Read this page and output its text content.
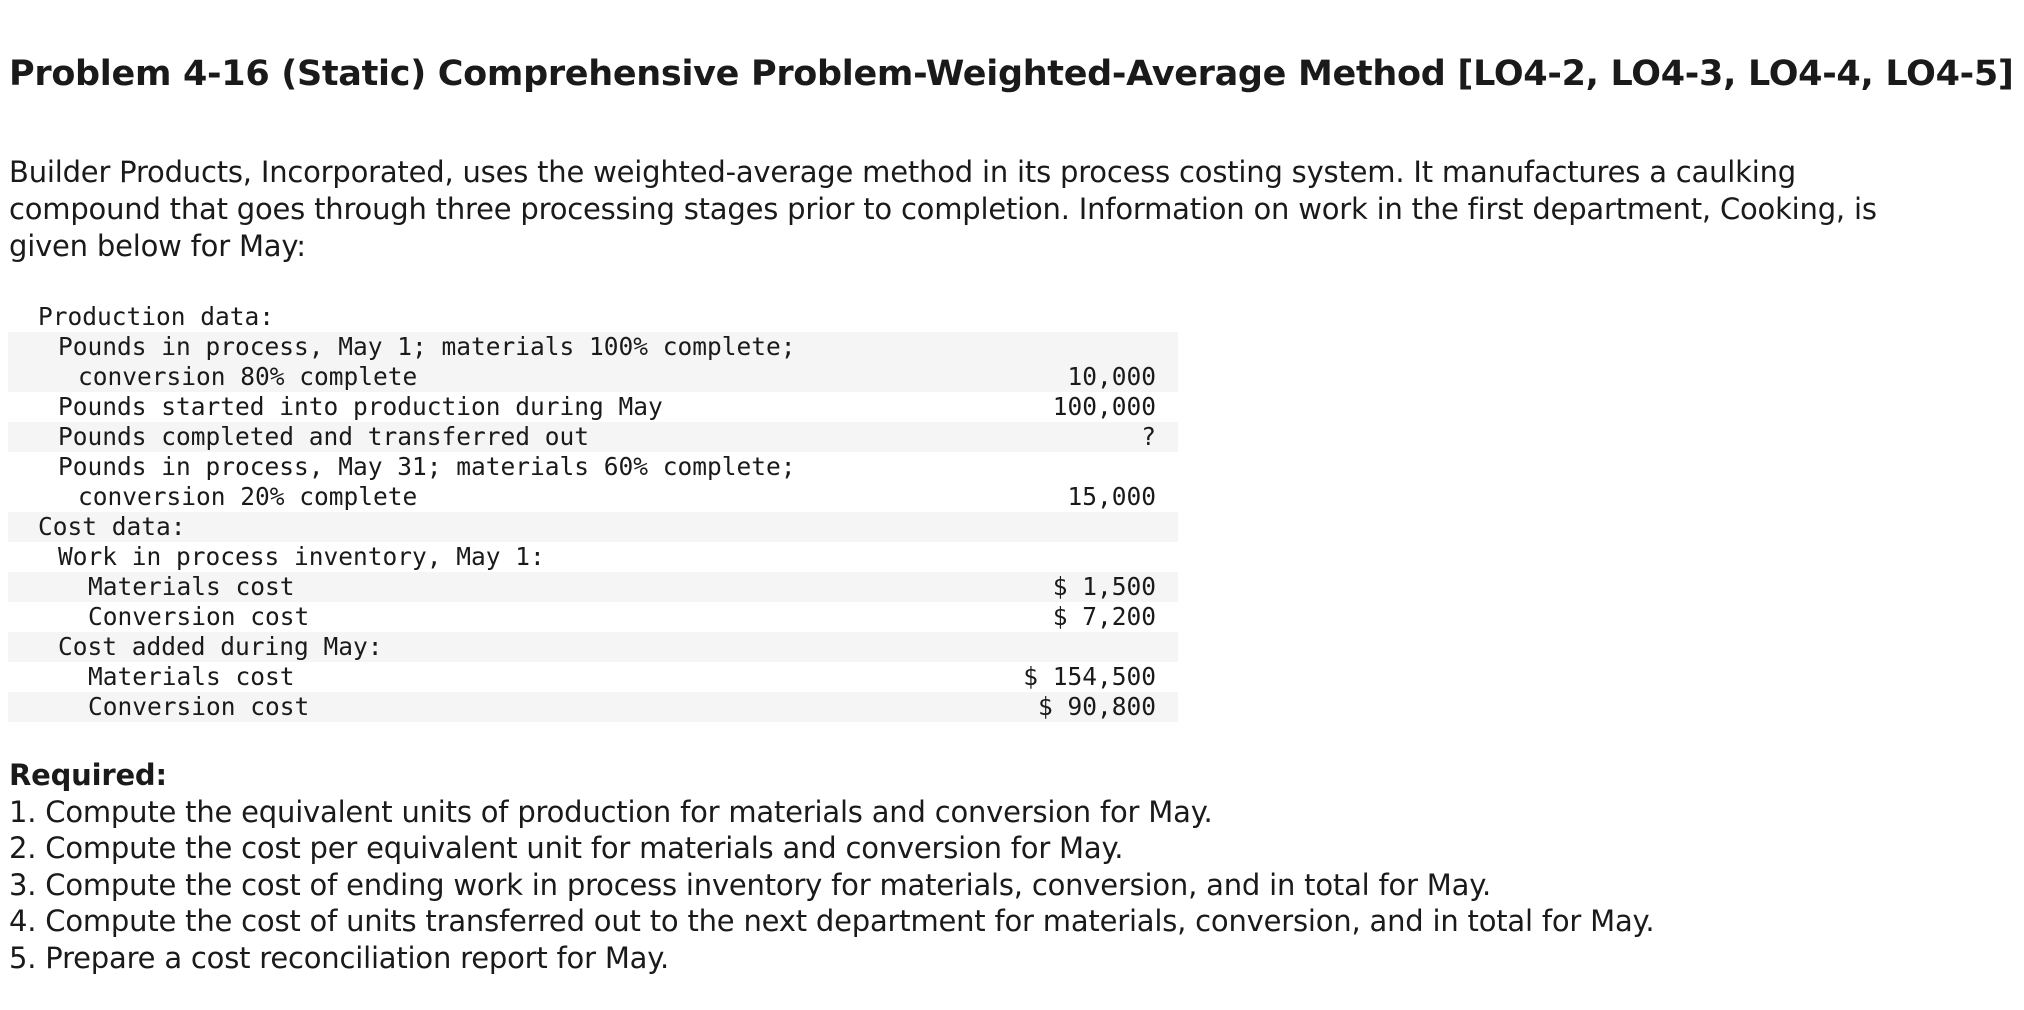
Problem 4-16 (Static) Comprehensive Problem-Weighted-Average Method [LO4-2, LO4-3, LO4-4, LO4-5]

Builder Products, Incorporated, uses the weighted-average method in its process costing system. It manufactures a caulking compound that goes through three processing stages prior to completion. Information on work in the first department, Cooking, is given below for May:

Production data:	
Pounds in process, May 1; materials 100% complete;	
conversion 80% complete	10,000
Pounds started into production during May	100,000
Pounds completed and transferred out	?
Pounds in process, May 31; materials 60% complete;	
conversion 20% complete	15,000
Cost data:	
Work in process inventory, May 1:	
Materials cost	$ 1,500
Conversion cost	$ 7,200
Cost added during May:	
Materials cost	$ 154,500
Conversion cost	$ 90,800
Required:
1. Compute the equivalent units of production for materials and conversion for May.
2. Compute the cost per equivalent unit for materials and conversion for May.
3. Compute the cost of ending work in process inventory for materials, conversion, and in total for May.
4. Compute the cost of units transferred out to the next department for materials, conversion, and in total for May.
5. Prepare a cost reconciliation report for May.
